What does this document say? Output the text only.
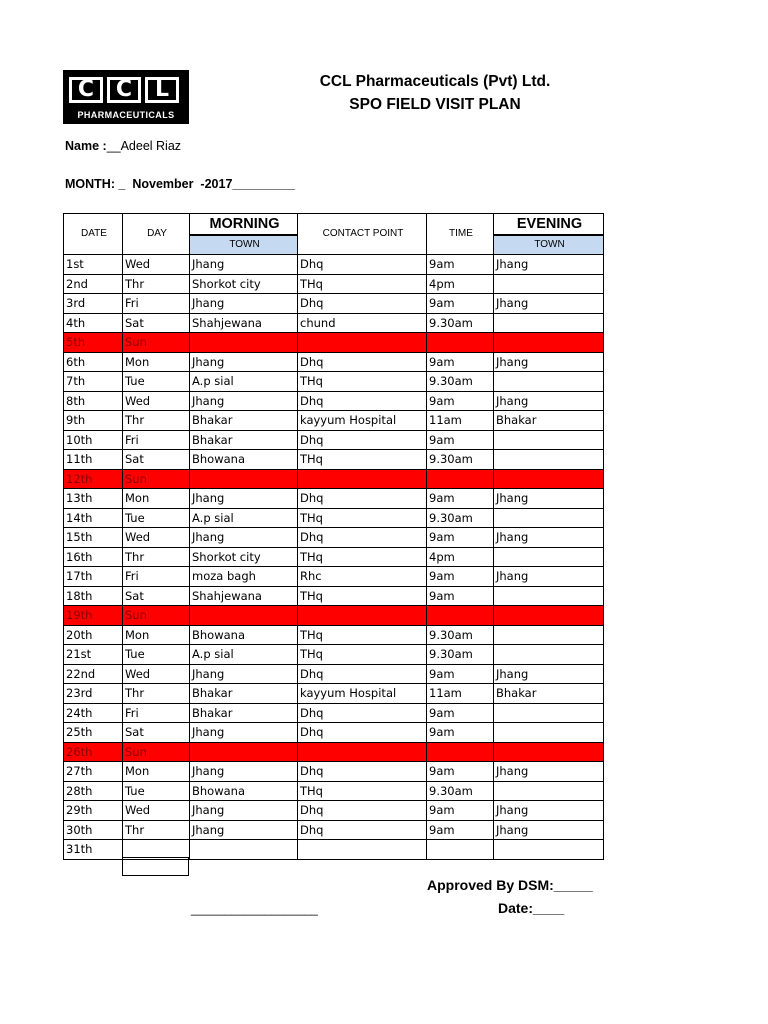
C C	L
PHARMACEUTICALS
CCL Pharmaceuticals (Pvt) Ltd.
SPO FIELD VISIT PLAN
Name :__Adeel Riaz
MONTH: _  November  -2017_________
DATE	DAY	MORNING	CONTACT POINT	TIME	EVENING
		TOWN			TOWN
1st	Wed	Jhang	Dhq	9am	Jhang
2nd	Thr	Shorkot city	THq	4pm	
3rd	Fri	Jhang	Dhq	9am	Jhang
4th	Sat	Shahjewana	chund	9.30am	
5th	Sun				
6th	Mon	Jhang	Dhq	9am	Jhang
7th	Tue	A.p sial	THq	9.30am	
8th	Wed	Jhang	Dhq	9am	Jhang
9th	Thr	Bhakar	kayyum Hospital	11am	Bhakar
10th	Fri	Bhakar	Dhq	9am	
11th	Sat	Bhowana	THq	9.30am	
12th	Sun				
13th	Mon	Jhang	Dhq	9am	Jhang
14th	Tue	A.p sial	THq	9.30am	
15th	Wed	Jhang	Dhq	9am	Jhang
16th	Thr	Shorkot city	THq	4pm	
17th	Fri	moza bagh	Rhc	9am	Jhang
18th	Sat	Shahjewana	THq	9am	
19th	Sun				
20th	Mon	Bhowana	THq	9.30am	
21st	Tue	A.p sial	THq	9.30am	
22nd	Wed	Jhang	Dhq	9am	Jhang
23rd	Thr	Bhakar	kayyum Hospital	11am	Bhakar
24th	Fri	Bhakar	Dhq	9am	
25th	Sat	Jhang	Dhq	9am	
26th	Sun				
27th	Mon	Jhang	Dhq	9am	Jhang
28th	Tue	Bhowana	THq	9.30am	
29th	Wed	Jhang	Dhq	9am	Jhang
30th	Thr	Jhang	Dhq	9am	Jhang
31th					
Approved By DSM:_____
___________________	Date:____
